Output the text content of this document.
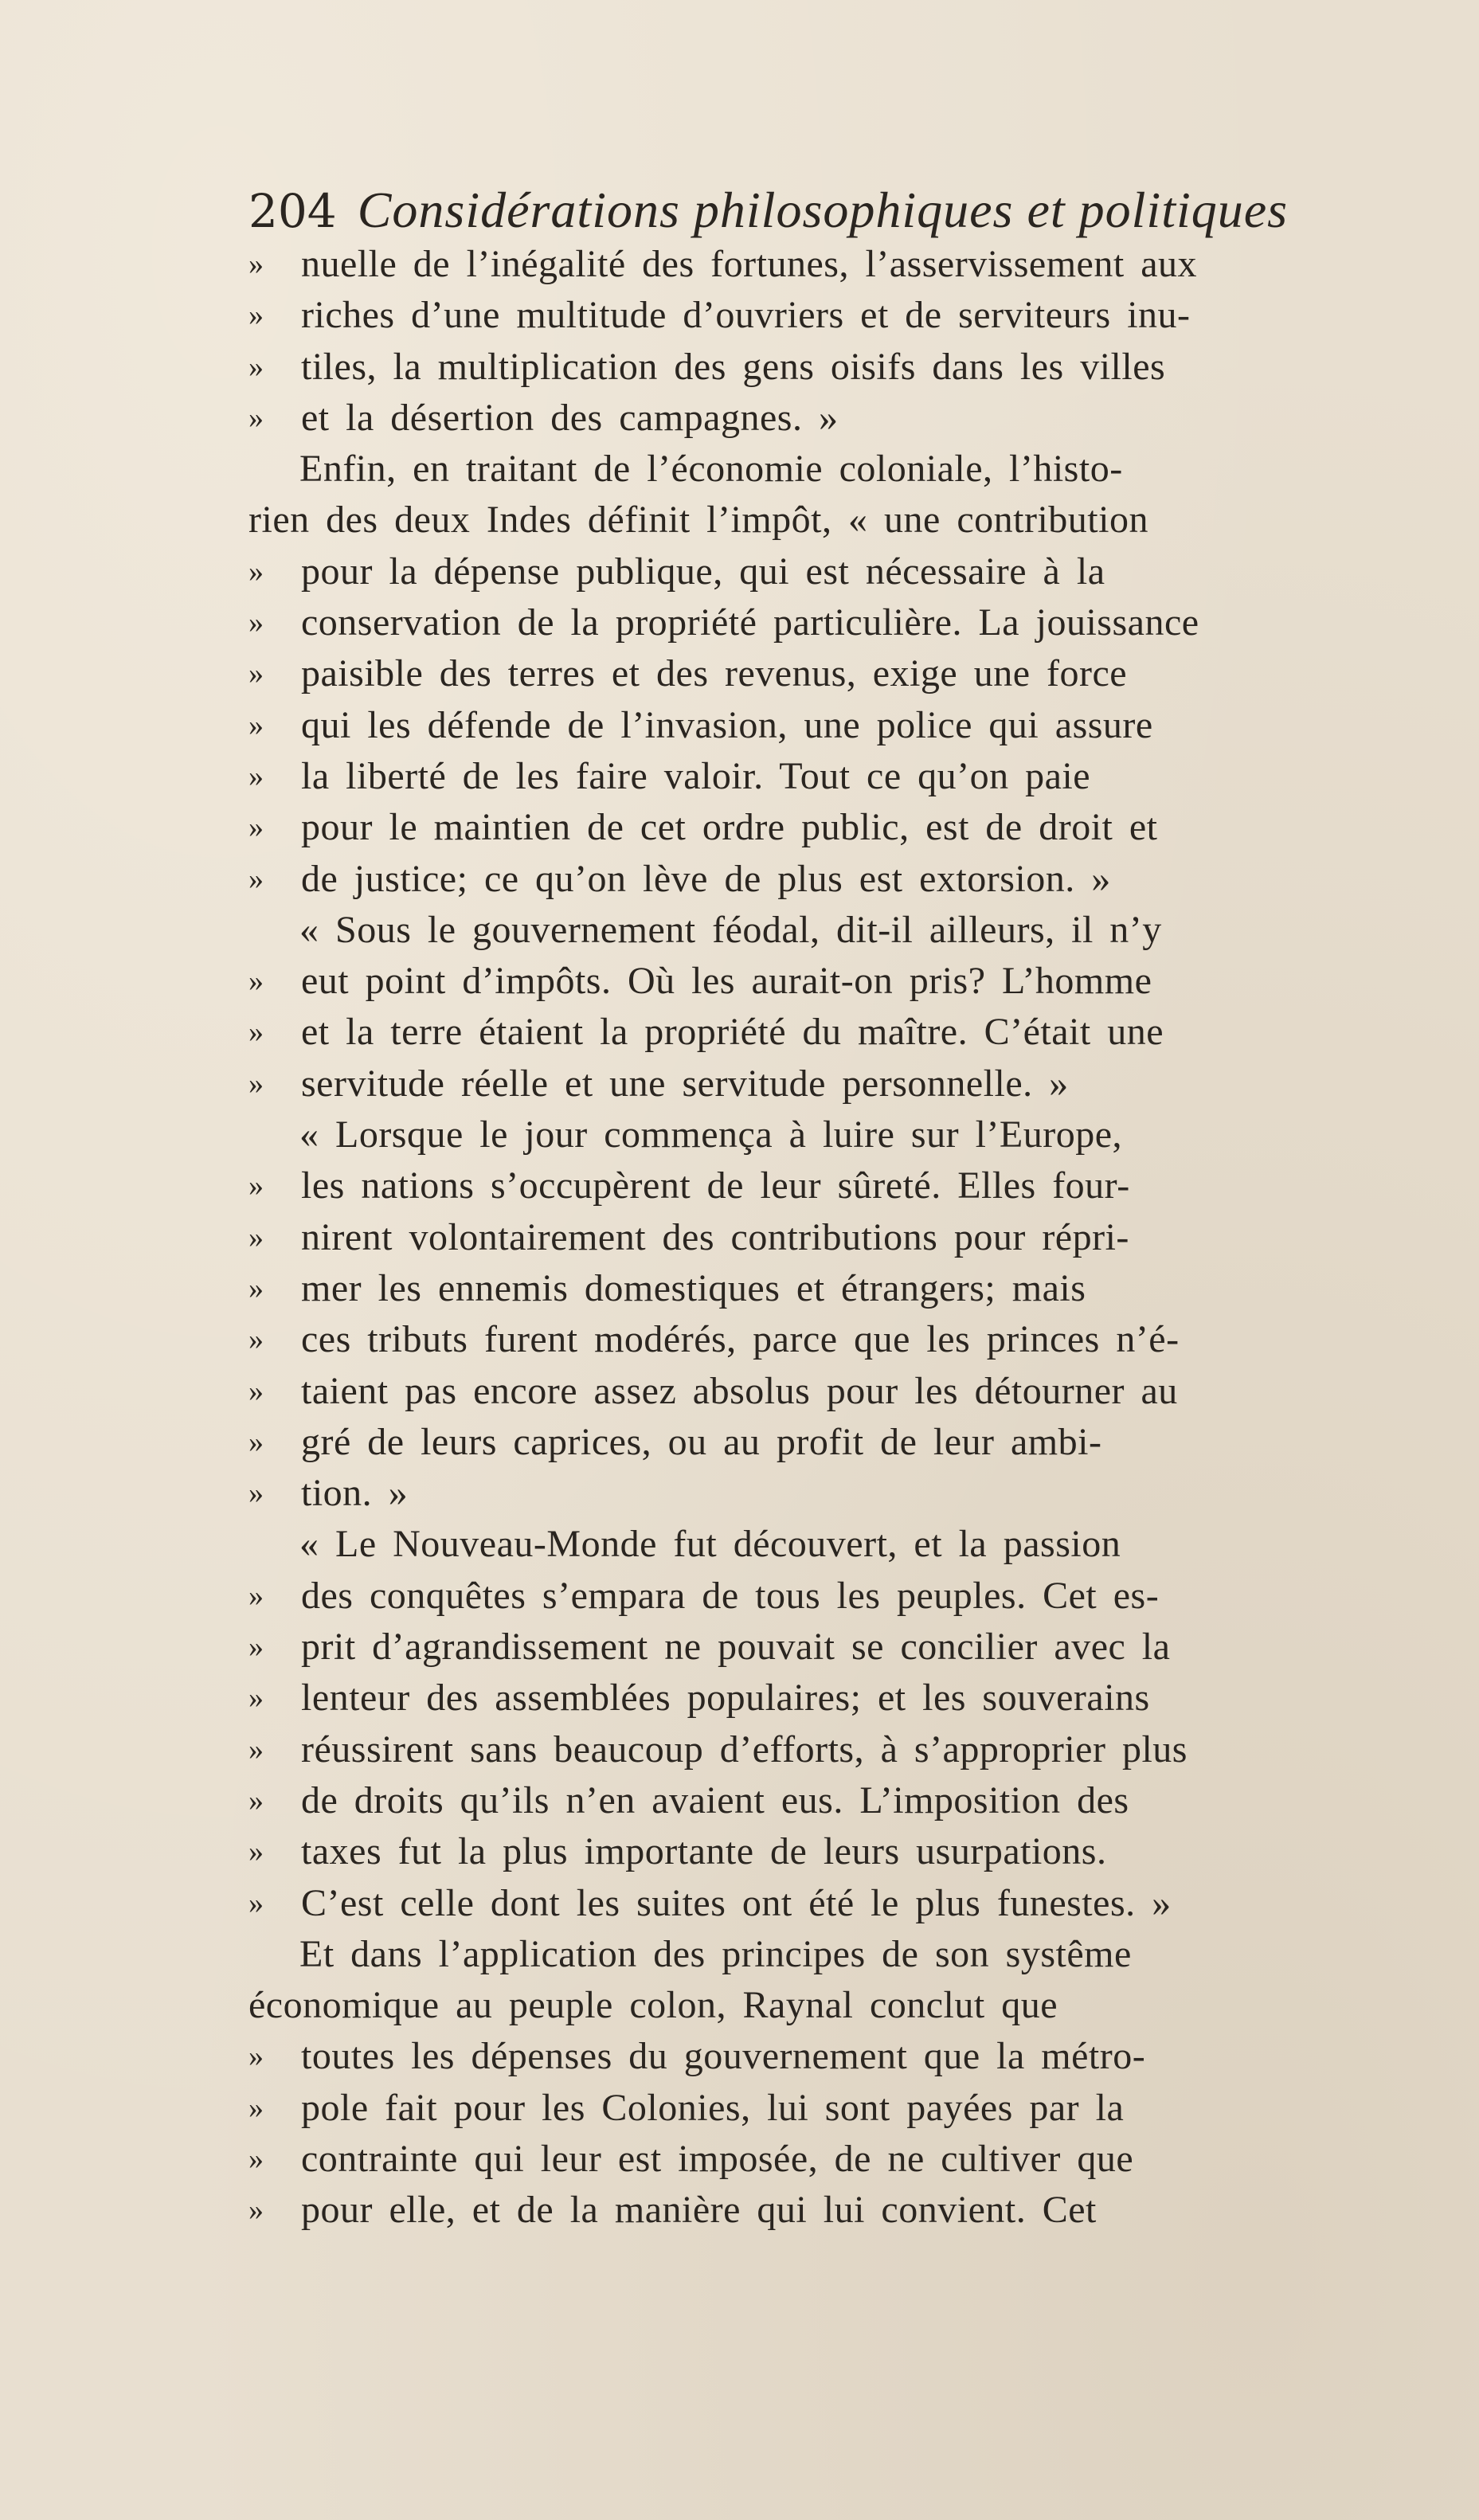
204 Considérations philosophiques et politiques
» nuelle de l’inégalité des fortunes, l’asservissement aux
» riches d’une multitude d’ouvriers et de serviteurs inu-
» tiles, la multiplication des gens oisifs dans les villes
» et la désertion des campagnes. »
Enfin, en traitant de l’économie coloniale, l’histo-
rien des deux Indes définit l’impôt, « une contribution
» pour la dépense publique, qui est nécessaire à la
» conservation de la propriété particulière. La jouissance
» paisible des terres et des revenus, exige une force
» qui les défende de l’invasion, une police qui assure
» la liberté de les faire valoir. Tout ce qu’on paie
» pour le maintien de cet ordre public, est de droit et
» de justice; ce qu’on lève de plus est extorsion. »
« Sous le gouvernement féodal, dit-il ailleurs, il n’y
» eut point d’impôts. Où les aurait-on pris? L’homme
» et la terre étaient la propriété du maître. C’était une
» servitude réelle et une servitude personnelle. »
« Lorsque le jour commença à luire sur l’Europe,
» les nations s’occupèrent de leur sûreté. Elles four-
» nirent volontairement des contributions pour répri-
» mer les ennemis domestiques et étrangers; mais
» ces tributs furent modérés, parce que les princes n’é-
» taient pas encore assez absolus pour les détourner au
» gré de leurs caprices, ou au profit de leur ambi-
» tion. »
« Le Nouveau-Monde fut découvert, et la passion
» des conquêtes s’empara de tous les peuples. Cet es-
» prit d’agrandissement ne pouvait se concilier avec la
» lenteur des assemblées populaires; et les souverains
» réussirent sans beaucoup d’efforts, à s’approprier plus
» de droits qu’ils n’en avaient eus. L’imposition des
» taxes fut la plus importante de leurs usurpations.
» C’est celle dont les suites ont été le plus funestes. »
Et dans l’application des principes de son systême
économique au peuple colon, Raynal conclut que
» toutes les dépenses du gouvernement que la métro-
» pole fait pour les Colonies, lui sont payées par la
» contrainte qui leur est imposée, de ne cultiver que
» pour elle, et de la manière qui lui convient. Cet
